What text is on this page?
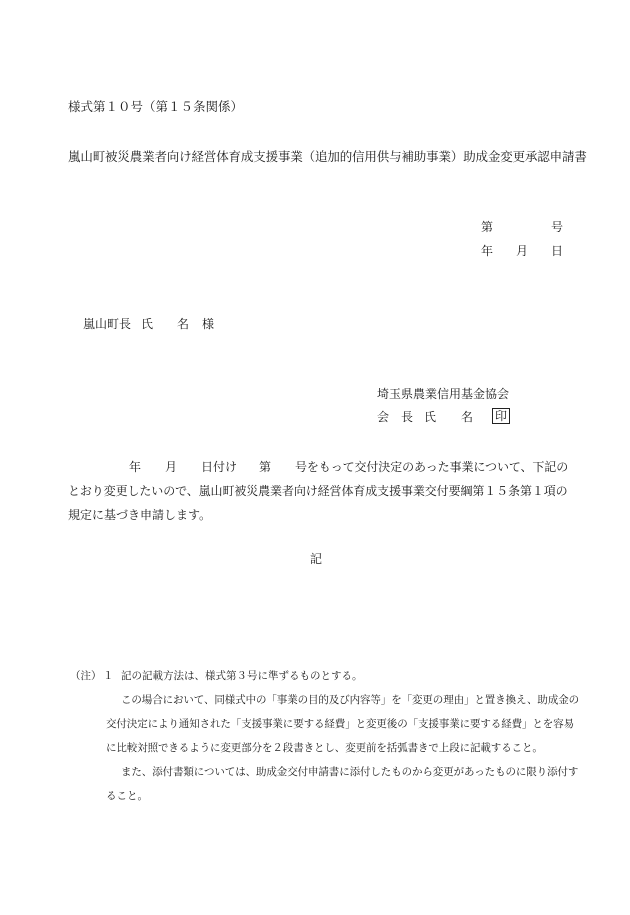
様式第１０号（第１５条関係）
嵐山町被災農業者向け経営体育成支援事業（追加的信用供与補助事業）助成金変更承認申請書
第	号
年 月 日
嵐山町長 氏 名 様
埼玉県農業信用基金協会
会 長 氏 名 印
年 月 日付け 第 号をもって交付決定のあった事業について、下記の
とおり変更したいので、嵐山町被災農業者向け経営体育成支援事業交付要綱第１５条第１項の
規定に基づき申請します。
記
（注） １ 記の記載方法は、様式第３号に準ずるものとする。
この場合において、同様式中の「事業の目的及び内容等」を「変更の理由」と置き換え、助成金の
交付決定により通知された「支援事業に要する経費」と変更後の「支援事業に要する経費」とを容易
に比較対照できるように変更部分を２段書きとし、変更前を括弧書きで上段に記載すること。
また、添付書類については、助成金交付申請書に添付したものから変更があったものに限り添付す
ること。
